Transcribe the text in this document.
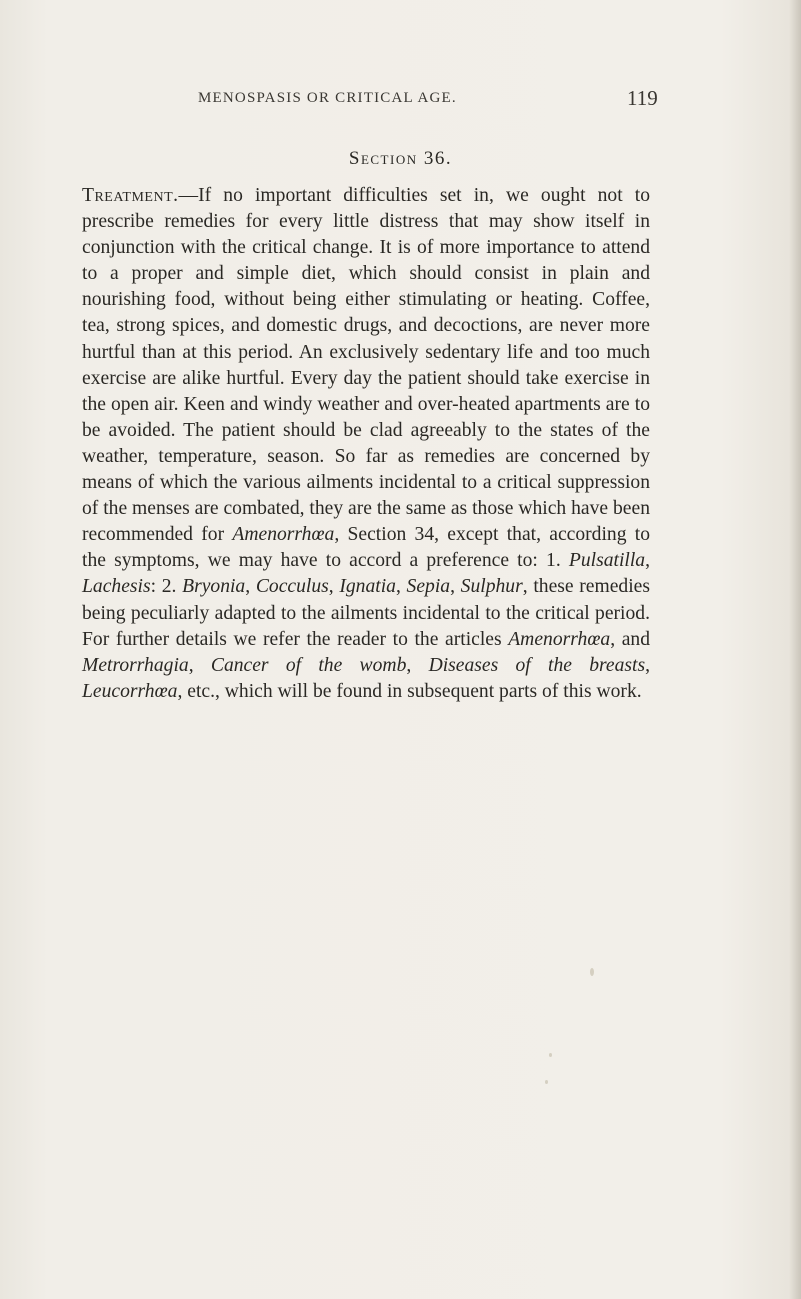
MENOSPASIS OR CRITICAL AGE.	119
Section 36.

Treatment.—If no important difficulties set in, we ought not to prescribe remedies for every little distress that may show itself in conjunction with the critical change. It is of more importance to attend to a proper and simple diet, which should consist in plain and nourishing food, without being either stimulating or heating. Coffee, tea, strong spices, and domestic drugs, and decoctions, are never more hurtful than at this period. An exclusively sedentary life and too much exercise are alike hurtful. Every day the patient should take exercise in the open air. Keen and windy weather and over-heated apartments are to be avoided. The patient should be clad agreeably to the states of the weather, temperature, season. So far as remedies are concerned by means of which the various ailments incidental to a critical suppression of the menses are combated, they are the same as those which have been recommended for Amenorrhœa, Section 34, except that, according to the symptoms, we may have to accord a preference to: 1. Pulsatilla, Lachesis: 2. Bryonia, Cocculus, Ignatia, Sepia, Sulphur, these remedies being peculiarly adapted to the ailments incidental to the critical period. For further details we refer the reader to the articles Amenorrhœa, and Metrorrhagia, Cancer of the womb, Diseases of the breasts, Leucorrhœa, etc., which will be found in subsequent parts of this work.
